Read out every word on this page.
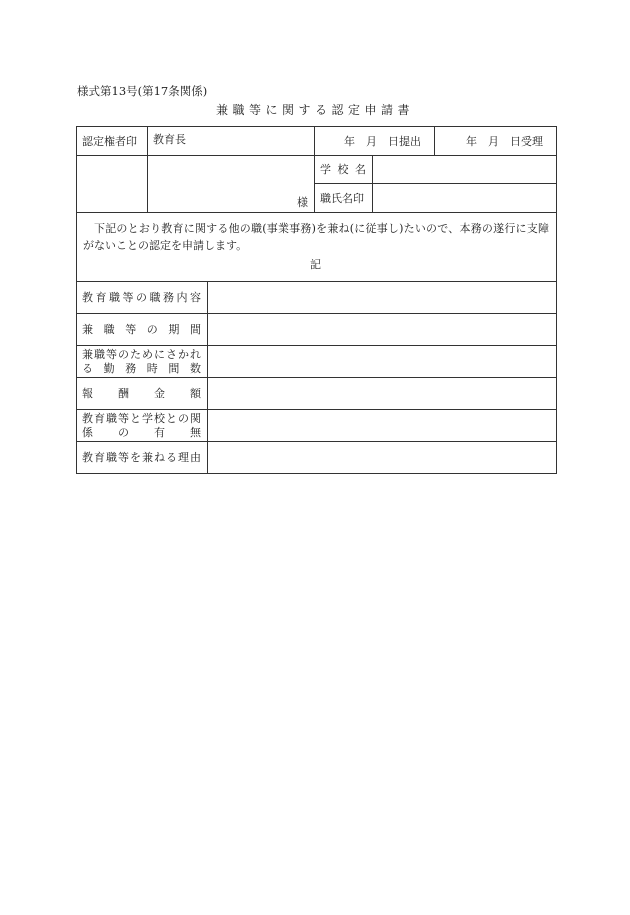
様式第13号(第17条関係)
兼職等に関する認定申請書
認定権者印 教育長
様
年　月　日提出	年　月　日受理
学校名
職氏名印
下記のとおり教育に関する他の職(事業事務)を兼ね(に従事し)たいので、本務の遂行に支障がないことの認定を申請します。
記
教育職等の職務内容
兼職等の期間
兼職等のためにさかれ
る勤務時間数
報酬金額
教育職等と学校との関
係の有無
教育職等を兼ねる理由
